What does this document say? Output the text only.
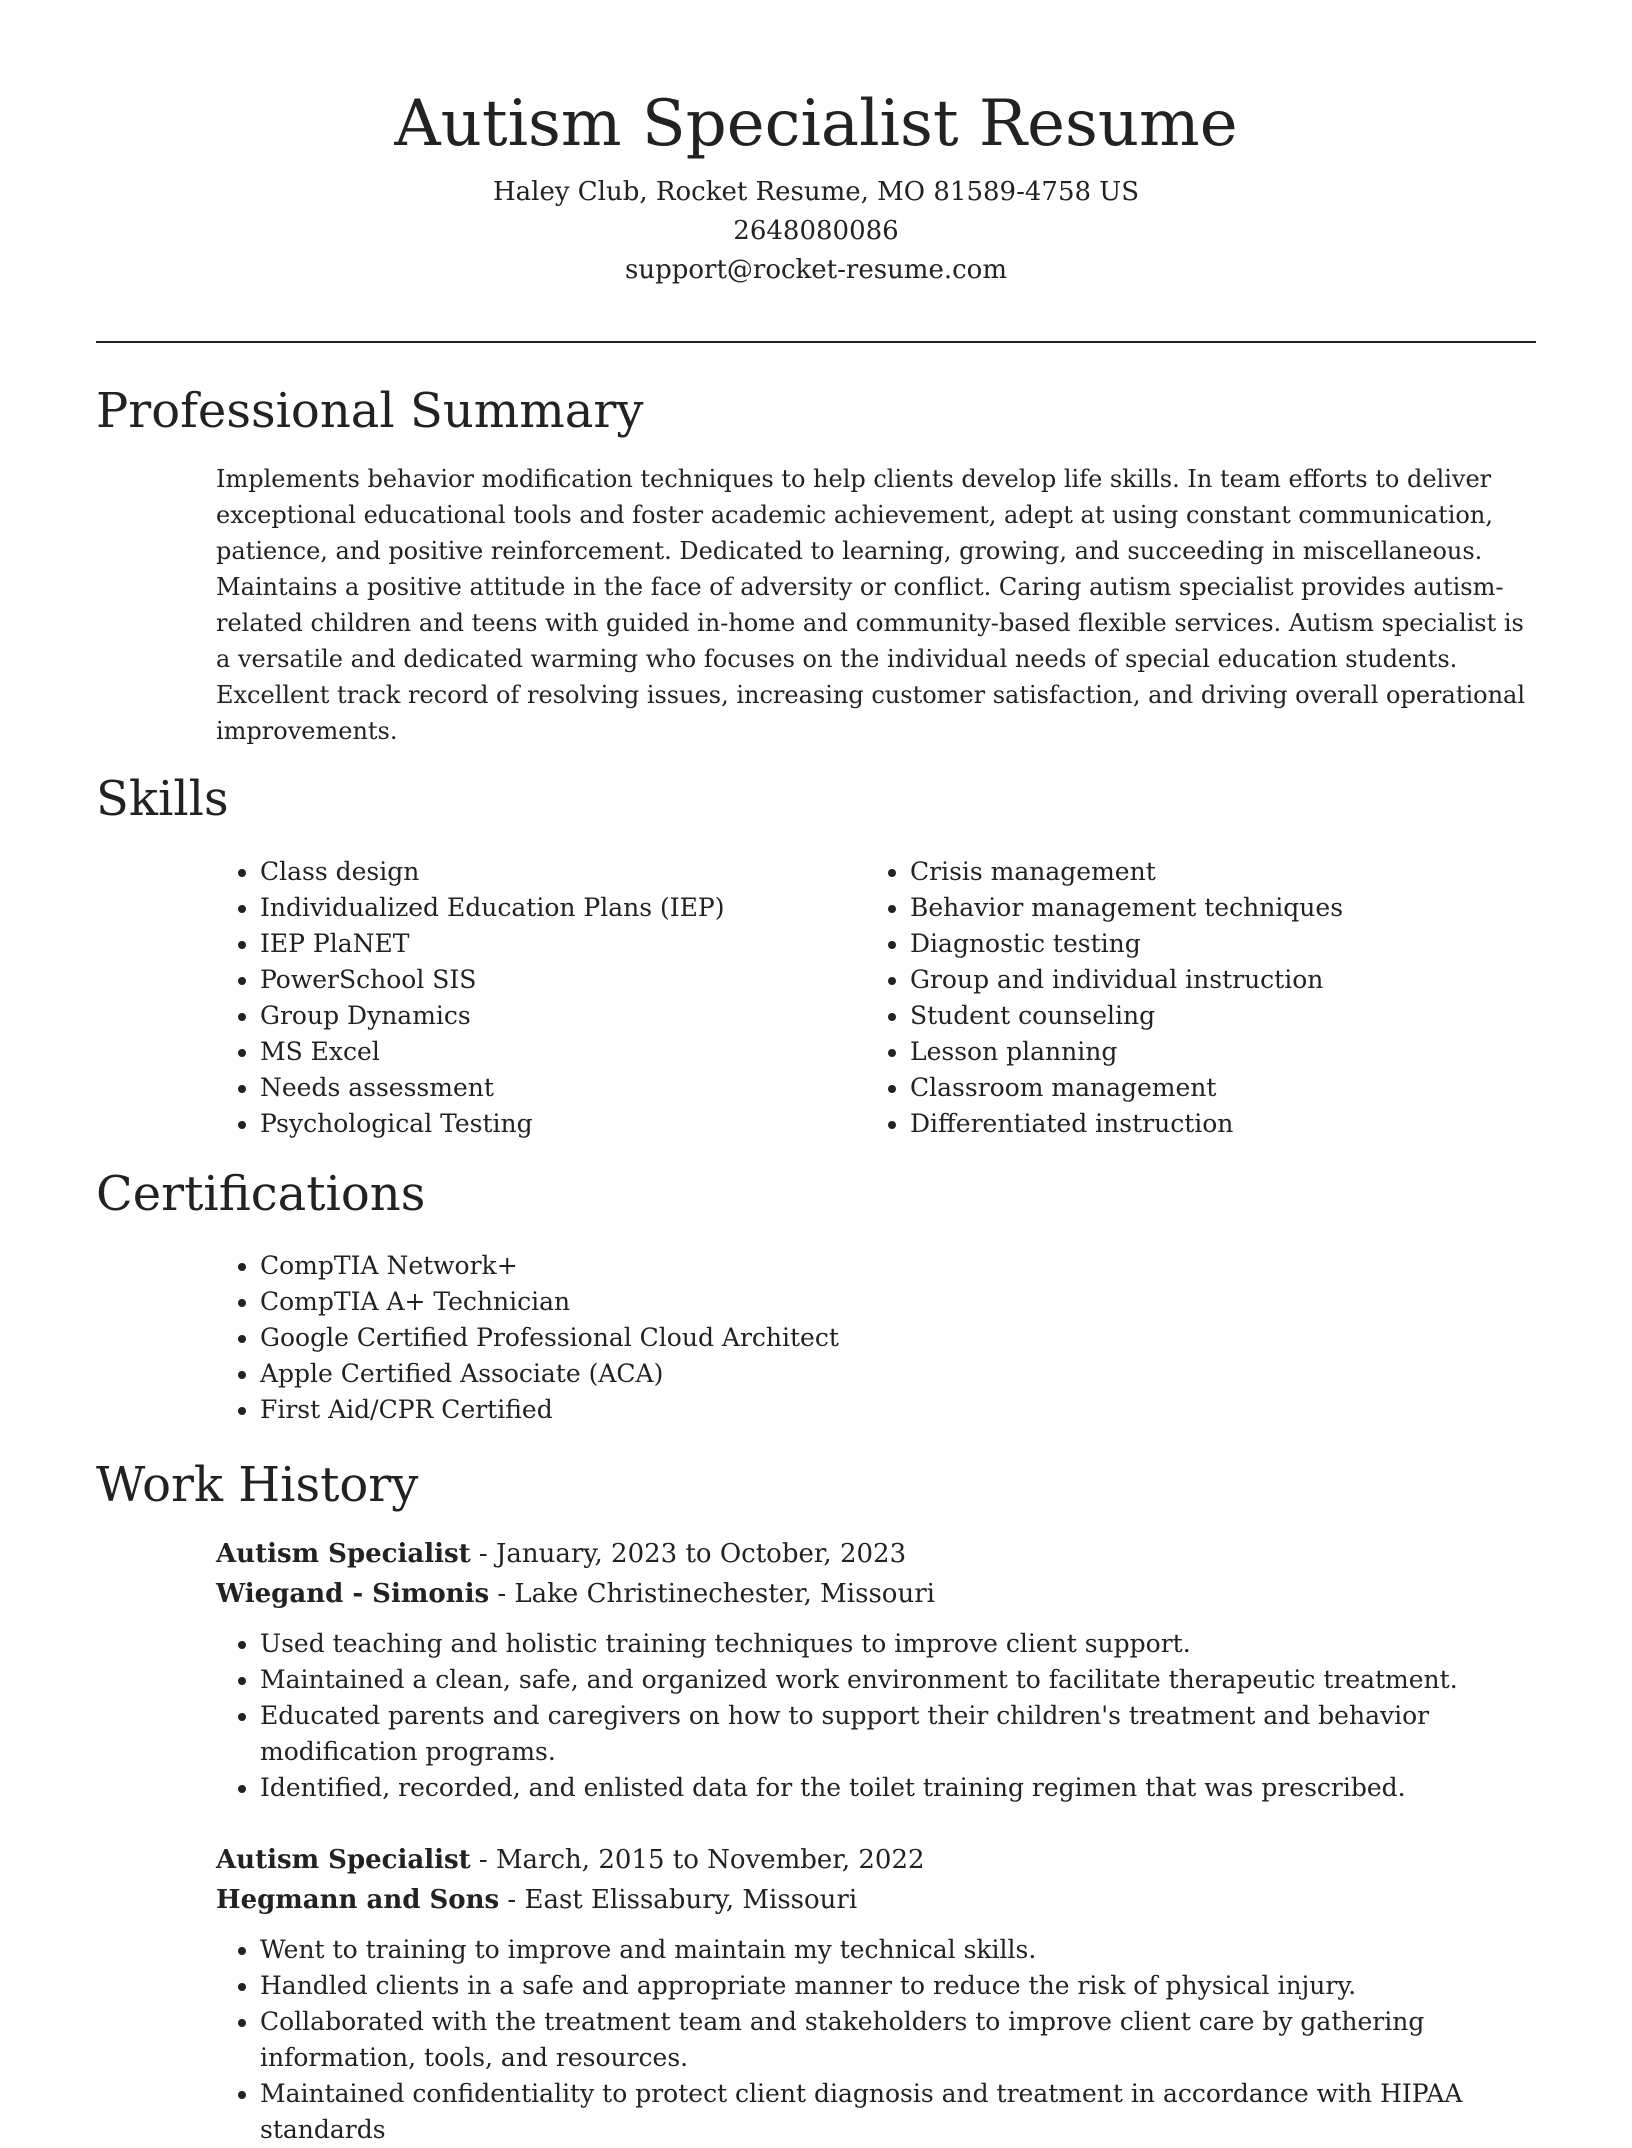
Autism Specialist Resume

Haley Club, Rocket Resume, MO 81589-4758 US

2648080086

support@rocket-resume.com

Professional Summary

Implements behavior modification techniques to help clients develop life skills. In team efforts to deliver exceptional educational tools and foster academic achievement, adept at using constant communication, patience, and positive reinforcement. Dedicated to learning, growing, and succeeding in miscellaneous. Maintains a positive attitude in the face of adversity or conflict. Caring autism specialist provides autism-related children and teens with guided in-home and community-based flexible services. Autism specialist is a versatile and dedicated warming who focuses on the individual needs of special education students. Excellent track record of resolving issues, increasing customer satisfaction, and driving overall operational improvements.

Skills
• Class design
• Individualized Education Plans (IEP)
• IEP PlaNET
• PowerSchool SIS
• Group Dynamics
• MS Excel
• Needs assessment
• Psychological Testing
• Crisis management
• Behavior management techniques
• Diagnostic testing
• Group and individual instruction
• Student counseling
• Lesson planning
• Classroom management
• Differentiated instruction
Certifications
• CompTIA Network+
• CompTIA A+ Technician
• Google Certified Professional Cloud Architect
• Apple Certified Associate (ACA)
• First Aid/CPR Certified
Work History

Autism Specialist - January, 2023 to October, 2023

Wiegand - Simonis - Lake Christinechester, Missouri

• Used teaching and holistic training techniques to improve client support.
• Maintained a clean, safe, and organized work environment to facilitate therapeutic treatment.
• Educated parents and caregivers on how to support their children's treatment and behavior modification programs.
• Identified, recorded, and enlisted data for the toilet training regimen that was prescribed.

Autism Specialist - March, 2015 to November, 2022

Hegmann and Sons - East Elissabury, Missouri

• Went to training to improve and maintain my technical skills.
• Handled clients in a safe and appropriate manner to reduce the risk of physical injury.
• Collaborated with the treatment team and stakeholders to improve client care by gathering information, tools, and resources.
• Maintained confidentiality to protect client diagnosis and treatment in accordance with HIPAA standards
